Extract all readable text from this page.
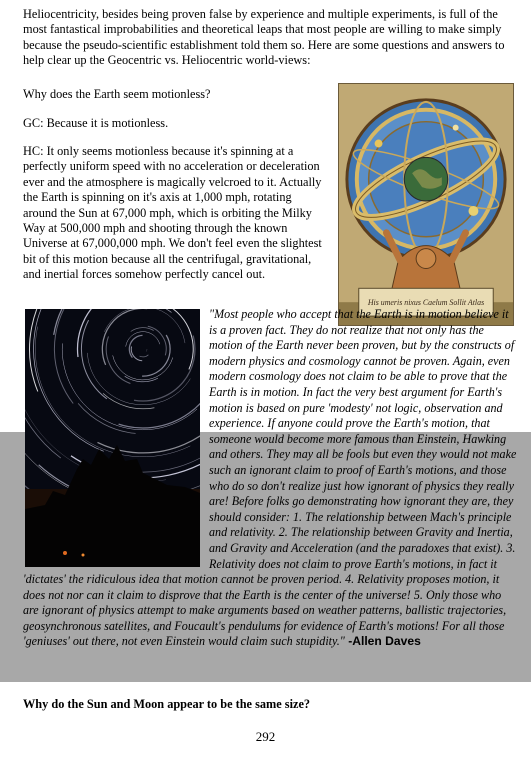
Heliocentricity, besides being proven false by experience and multiple experiments, is full of the most fantastical improbabilities and theoretical leaps that most people are willing to make simply because the pseudo-scientific establishment told them so. Here are some questions and answers to help clear up the Geocentric vs. Heliocentric world-views:

Why does the Earth seem motionless?

GC: Because it is motionless.

HC: It only seems motionless because it's spinning at a perfectly uniform speed with no acceleration or deceleration ever and the atmosphere is magically velcroed to it. Actually the Earth is spinning on it's axis at 1,000 mph, rotating around the Sun at 67,000 mph, which is orbiting the Milky Way at 500,000 mph and shooting through the known Universe at 67,000,000 mph. We don't feel even the slightest bit of this motion because all the centrifugal, gravitational, and inertial forces somehow perfectly cancel out.

His umeris nixus Caelum Sollit Atlas
"Most people who accept that the Earth is in motion believe it is a proven fact. They do not realize that not only has the motion of the Earth never been proven, but by the constructs of modern physics and cosmology cannot be proven. Again, even modern cosmology does not claim to be able to prove that the Earth is in motion. In fact the very best argument for Earth's motion is based on pure 'modesty' not logic, observation and experience. If anyone could prove the Earth's motion, that someone would become more famous than Einstein, Hawking and others. They may all be fools but even they would not make such an ignorant claim to proof of Earth's motions, and those who do so don't realize just how ignorant of physics they really are! Before folks go demonstrating how ignorant they are, they should consider: 1. The relationship between Mach's principle and relativity. 2. The relationship between Gravity and Inertia, and Gravity and Acceleration (and the paradoxes that exist). 3. Relativity does not claim to prove Earth's motions, in fact it 'dictates' the ridiculous idea that motion cannot be proven period. 4. Relativity proposes motion, it does not nor can it claim to disprove that the Earth is the center of the universe! 5. Only those who are ignorant of physics attempt to make arguments based on weather patterns, ballistic trajectories, geosynchronous satellites, and Foucault's pendulums for evidence of Earth's motions! For all those 'geniuses' out there, not even Einstein would claim such stupidity." -Allen Daves

Why do the Sun and Moon appear to be the same size?

292
